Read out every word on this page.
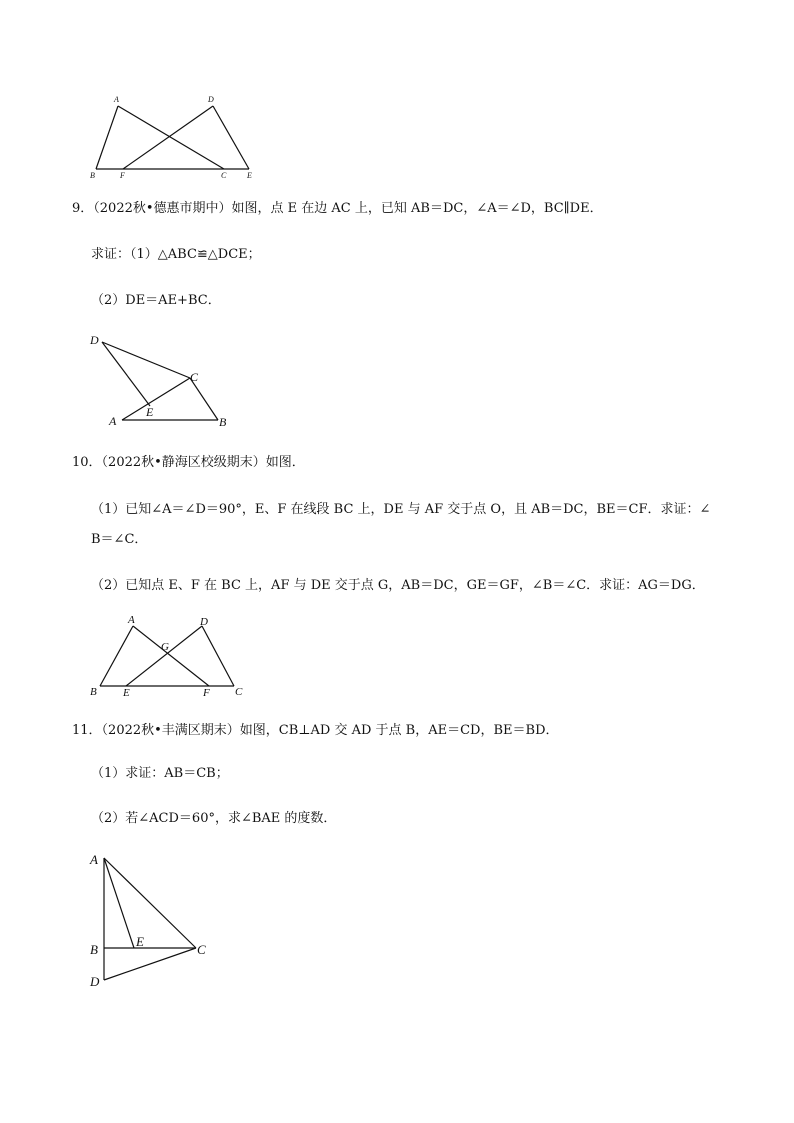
A	D
B	F	C	E
9．（2022秋•德惠市期中）如图，点 E 在边 AC 上，已知 AB＝DC，∠A＝∠D，BC∥DE．
求证：（1）△ABC≌△DCE；
（2）DE＝AE+BC．
D
C
E
A	B
10．（2022秋•静海区校级期末）如图．
（1）已知∠A＝∠D＝90°，E、F 在线段 BC 上，DE 与 AF 交于点 O，且 AB＝DC，BE＝CF．求证：∠
B＝∠C．
（2）已知点 E、F 在 BC 上，AF 与 DE 交于点 G，AB＝DC，GE＝GF，∠B＝∠C．求证：AG＝DG．
A	D
G
B E	F C
11．（2022秋•丰满区期末）如图，CB⊥AD 交 AD 于点 B，AE＝CD，BE＝BD．
（1）求证：AB＝CB；
（2）若∠ACD＝60°，求∠BAE 的度数．
A
B
E
C
D
